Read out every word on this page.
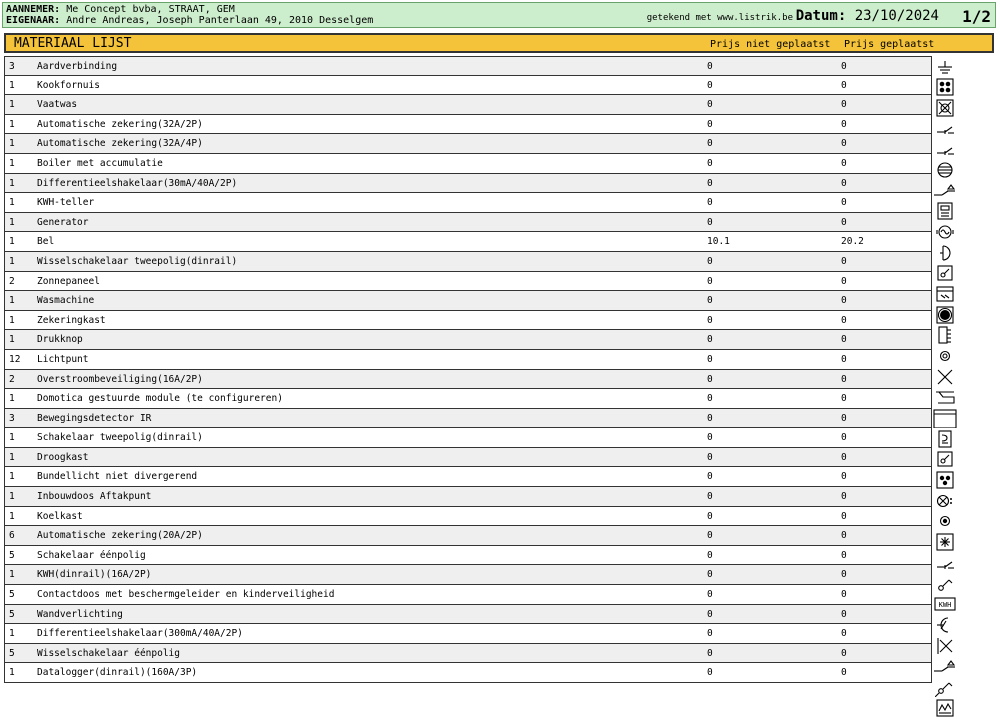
AANNEMER: Me Concept bvba, STRAAT, GEM
EIGENAAR: Andre Andreas, Joseph Panterlaan 49, 2010 Desselgem	getekend met www.listrik.be Datum: 23/10/2024 1/2
MATERIAAL LIJST	Prijs niet geplaatst Prijs geplaatst
3 Aardverbinding	0	0
1 Kookfornuis	0	0
1 Vaatwas	0	0
1 Automatische zekering(32A/2P)	0	0
1 Automatische zekering(32A/4P)	0	0
1 Boiler met accumulatie	0	0
1 Differentieelshakelaar(30mA/40A/2P)	0	0
1 KWH-teller	0	0
1 Generator	0	0
1 Bel	10.1	20.2
1 Wisselschakelaar tweepolig(dinrail)	0	0
2 Zonnepaneel	0	0
1 Wasmachine	0	0
1 Zekeringkast	0	0
1 Drukknop	0	0
12 Lichtpunt	0	0
2 Overstroombeveiliging(16A/2P)	0	0
1 Domotica gestuurde module (te configureren)	0	0
3 Bewegingsdetector IR	0	0
1 Schakelaar tweepolig(dinrail)	0	0
1 Droogkast	0	0
1 Bundellicht niet divergerend	0	0
1 Inbouwdoos Aftakpunt	0	0
1 Koelkast	0	0
6 Automatische zekering(20A/2P)	0	0
5 Schakelaar éénpolig	0	0
1 KWH(dinrail)(16A/2P)	0	0
5 Contactdoos met beschermgeleider en kinderveiligheid	0	0
5 Wandverlichting	0	0
1 Differentieelshakelaar(300mA/40A/2P)	0	0
5 Wisselschakelaar éénpolig	0	0
1 Datalogger(dinrail)(160A/3P)	0	0
KWH
